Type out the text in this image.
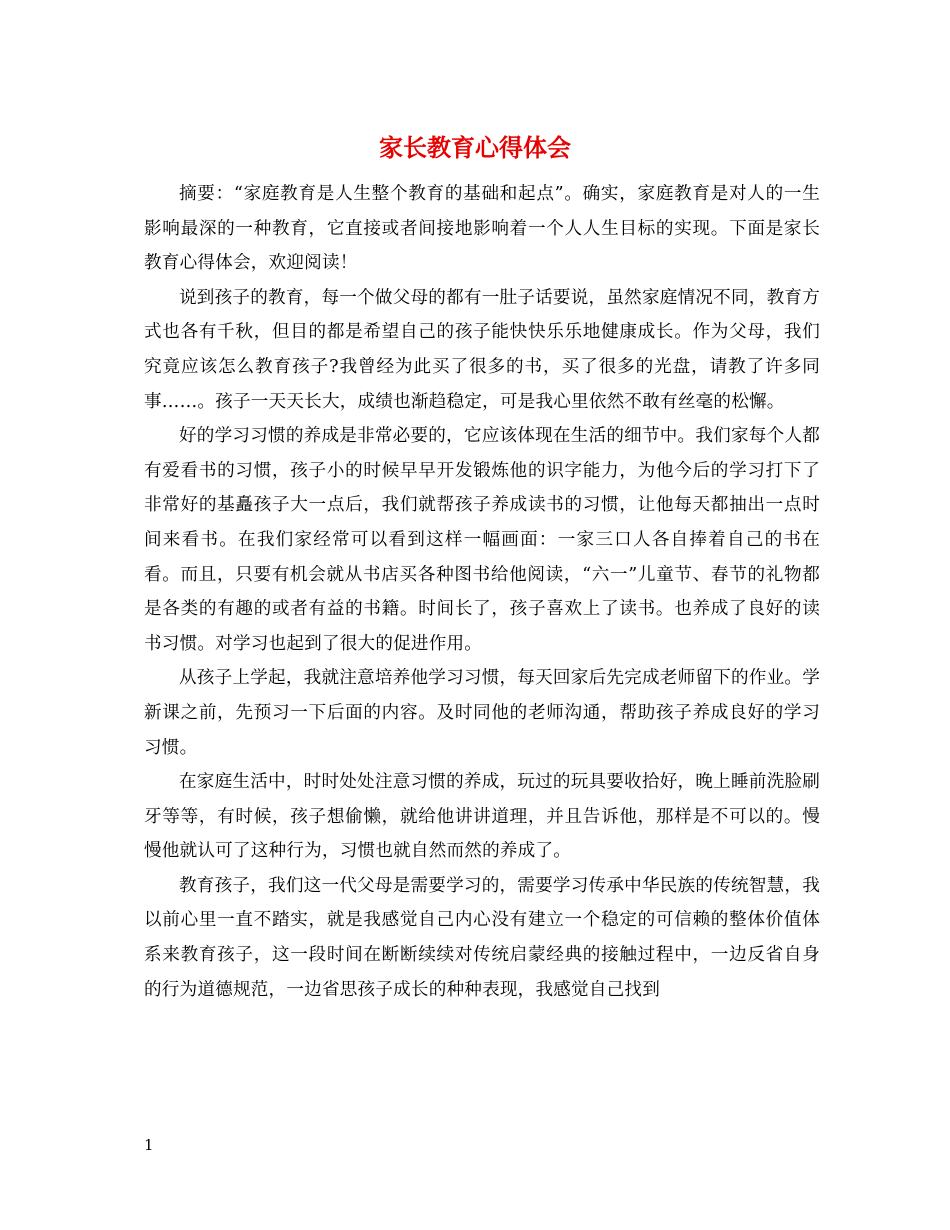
家长教育心得体会

摘要：“家庭教育是人生整个教育的基础和起点”。确实，家庭教育是对人的一生影响最深的一种教育，它直接或者间接地影响着一个人人生目标的实现。下面是家长教育心得体会，欢迎阅读！

说到孩子的教育，每一个做父母的都有一肚子话要说，虽然家庭情况不同，教育方式也各有千秋，但目的都是希望自己的孩子能快快乐乐地健康成长。作为父母，我们究竟应该怎么教育孩子?我曾经为此买了很多的书，买了很多的光盘，请教了许多同事……。孩子一天天长大，成绩也渐趋稳定，可是我心里依然不敢有丝毫的松懈。

好的学习习惯的养成是非常必要的，它应该体现在生活的细节中。我们家每个人都有爱看书的习惯，孩子小的时候早早开发锻炼他的识字能力，为他今后的学习打下了非常好的基矗孩子大一点后，我们就帮孩子养成读书的习惯，让他每天都抽出一点时间来看书。在我们家经常可以看到这样一幅画面：一家三口人各自捧着自己的书在看。而且，只要有机会就从书店买各种图书给他阅读，“六一”儿童节、春节的礼物都是各类的有趣的或者有益的书籍。时间长了，孩子喜欢上了读书。也养成了良好的读书习惯。对学习也起到了很大的促进作用。

从孩子上学起，我就注意培养他学习习惯，每天回家后先完成老师留下的作业。学新课之前，先预习一下后面的内容。及时同他的老师沟通，帮助孩子养成良好的学习习惯。

在家庭生活中，时时处处注意习惯的养成，玩过的玩具要收拾好，晚上睡前洗脸刷牙等等，有时候，孩子想偷懒，就给他讲讲道理，并且告诉他，那样是不可以的。慢慢他就认可了这种行为，习惯也就自然而然的养成了。

教育孩子，我们这一代父母是需要学习的，需要学习传承中华民族的传统智慧，我以前心里一直不踏实，就是我感觉自己内心没有建立一个稳定的可信赖的整体价值体系来教育孩子，这一段时间在断断续续对传统启蒙经典的接触过程中，一边反省自身的行为道德规范，一边省思孩子成长的种种表现，我感觉自己找到

1
